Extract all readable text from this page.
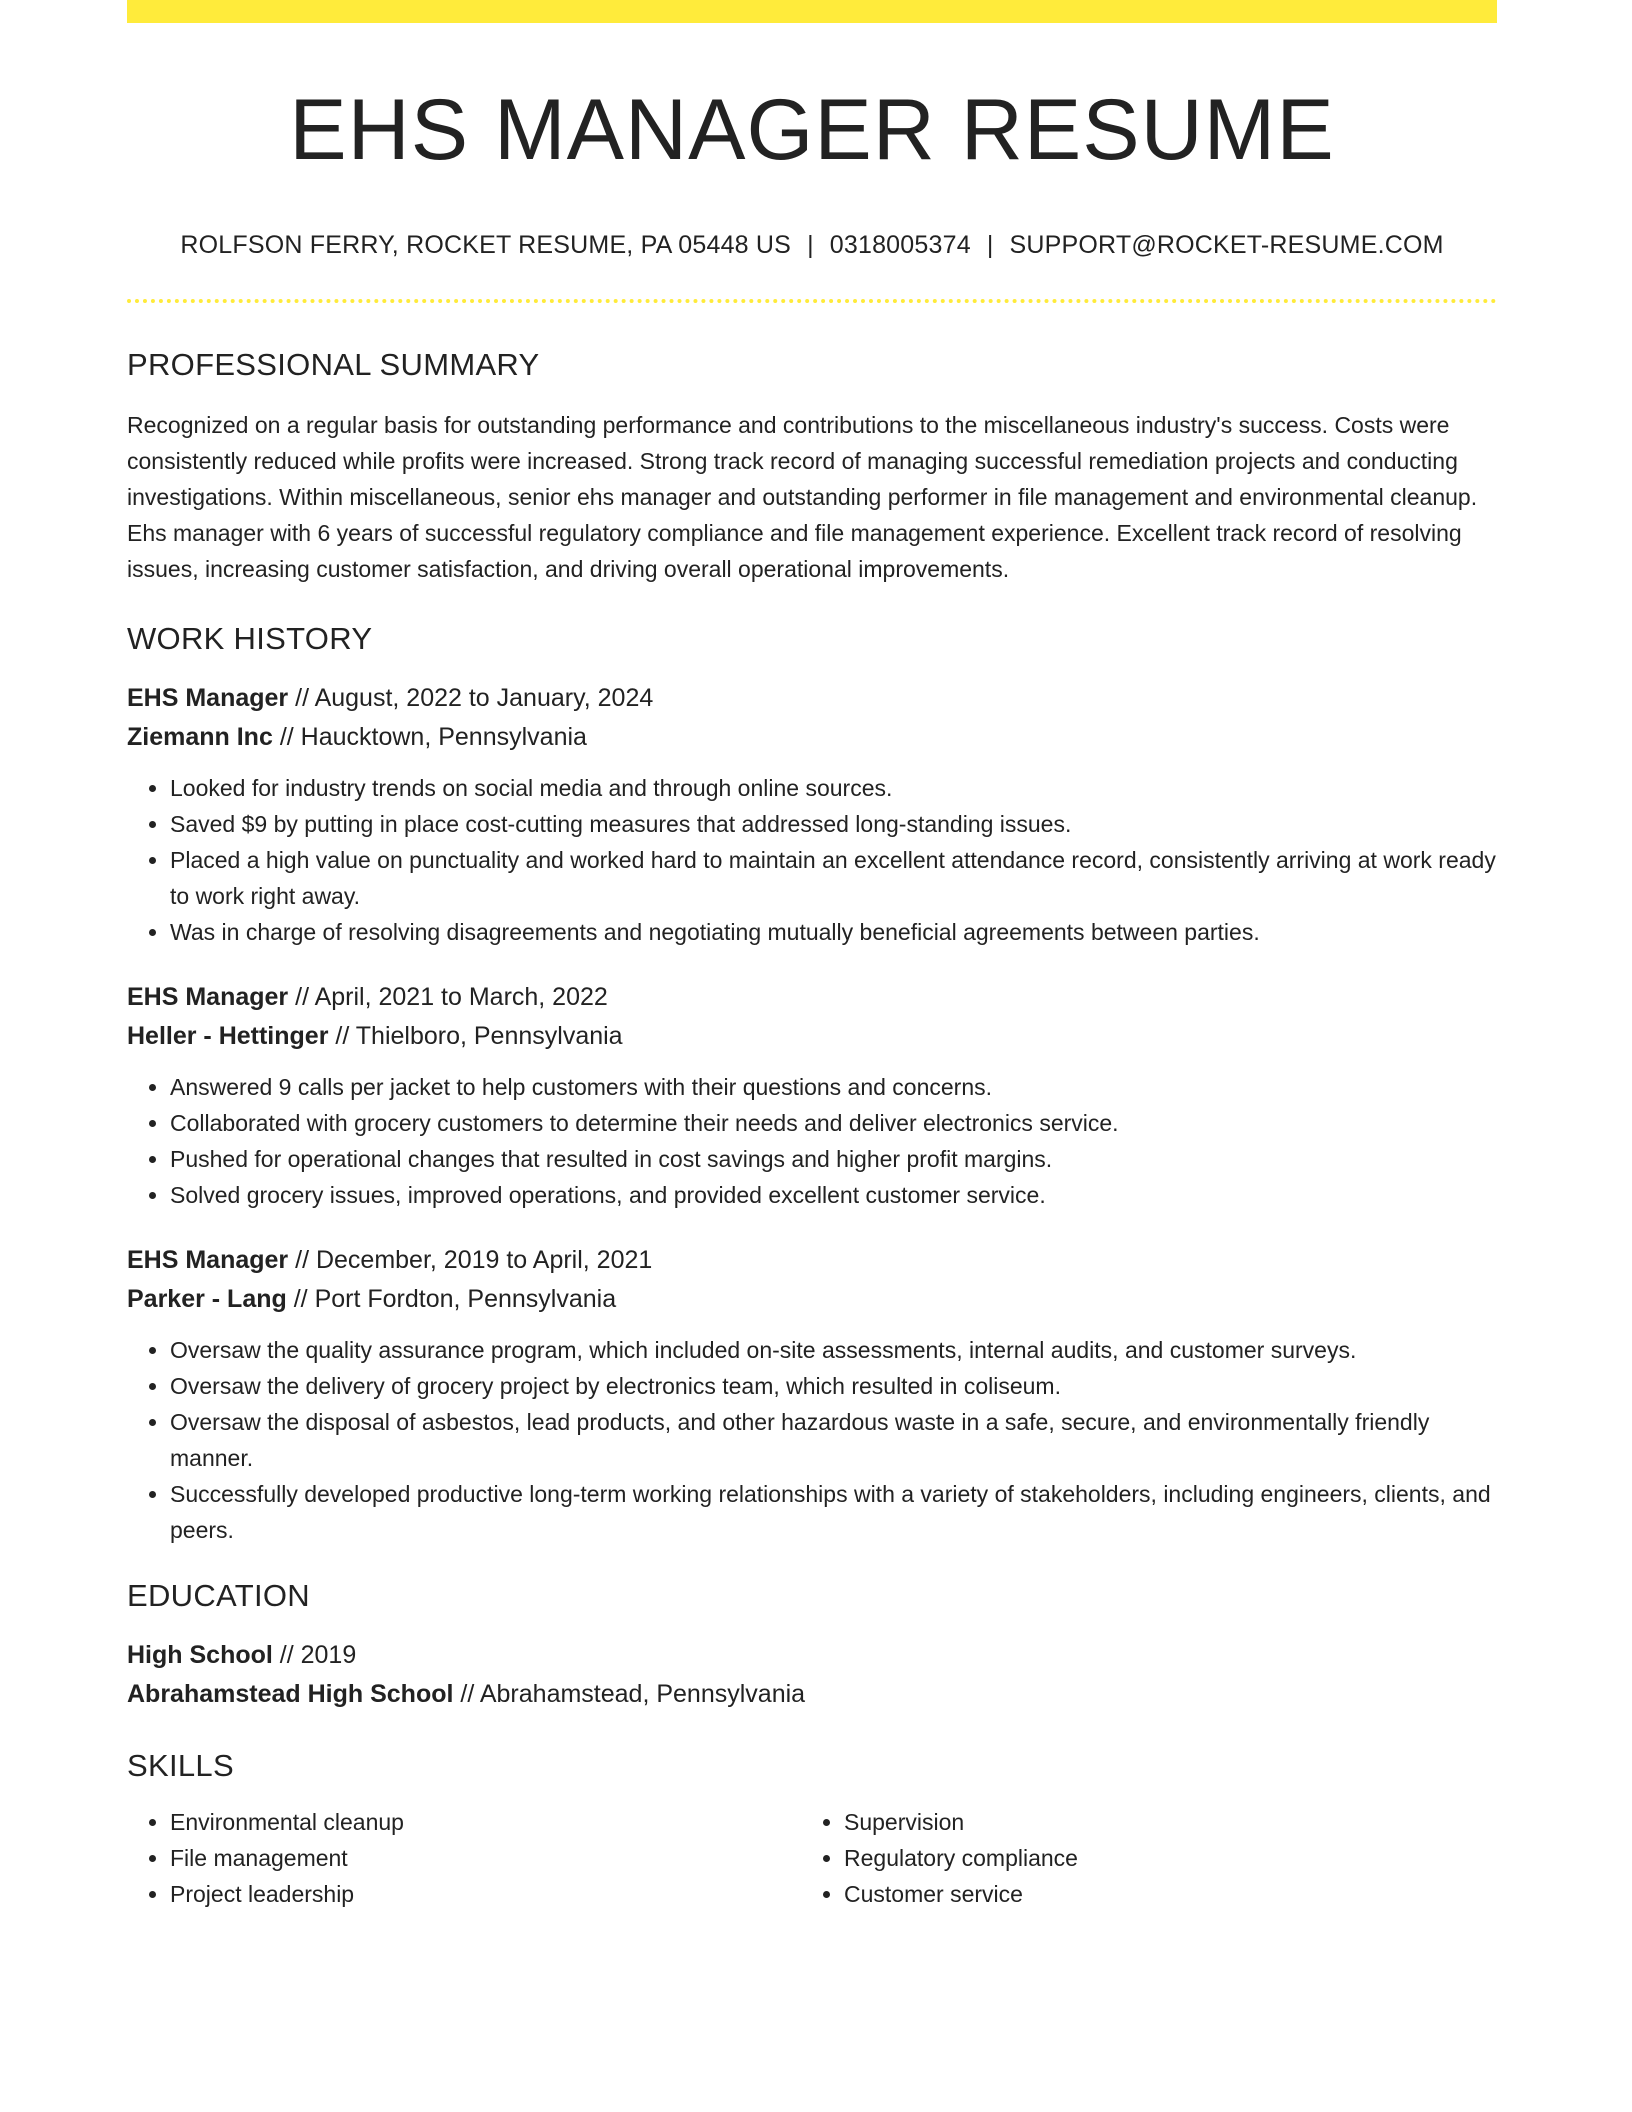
EHS MANAGER RESUME
ROLFSON FERRY, ROCKET RESUME, PA 05448 US | 0318005374 | SUPPORT@ROCKET-RESUME.COM
PROFESSIONAL SUMMARY

Recognized on a regular basis for outstanding performance and contributions to the miscellaneous industry's success. Costs were consistently reduced while profits were increased. Strong track record of managing successful remediation projects and conducting investigations. Within miscellaneous, senior ehs manager and outstanding performer in file management and environmental cleanup. Ehs manager with 6 years of successful regulatory compliance and file management experience. Excellent track record of resolving issues, increasing customer satisfaction, and driving overall operational improvements.

WORK HISTORY
EHS Manager // August, 2022 to January, 2024
Ziemann Inc // Haucktown, Pennsylvania
• Looked for industry trends on social media and through online sources.
• Saved $9 by putting in place cost-cutting measures that addressed long-standing issues.
• Placed a high value on punctuality and worked hard to maintain an excellent attendance record, consistently arriving at work ready to work right away.
• Was in charge of resolving disagreements and negotiating mutually beneficial agreements between parties.
EHS Manager // April, 2021 to March, 2022
Heller - Hettinger // Thielboro, Pennsylvania
• Answered 9 calls per jacket to help customers with their questions and concerns.
• Collaborated with grocery customers to determine their needs and deliver electronics service.
• Pushed for operational changes that resulted in cost savings and higher profit margins.
• Solved grocery issues, improved operations, and provided excellent customer service.
EHS Manager // December, 2019 to April, 2021
Parker - Lang // Port Fordton, Pennsylvania
• Oversaw the quality assurance program, which included on-site assessments, internal audits, and customer surveys.
• Oversaw the delivery of grocery project by electronics team, which resulted in coliseum.
• Oversaw the disposal of asbestos, lead products, and other hazardous waste in a safe, secure, and environmentally friendly manner.
• Successfully developed productive long-term working relationships with a variety of stakeholders, including engineers, clients, and peers.
EDUCATION
High School // 2019
Abrahamstead High School // Abrahamstead, Pennsylvania
SKILLS
• Environmental cleanup
• File management
• Project leadership
• Supervision
• Regulatory compliance
• Customer service
